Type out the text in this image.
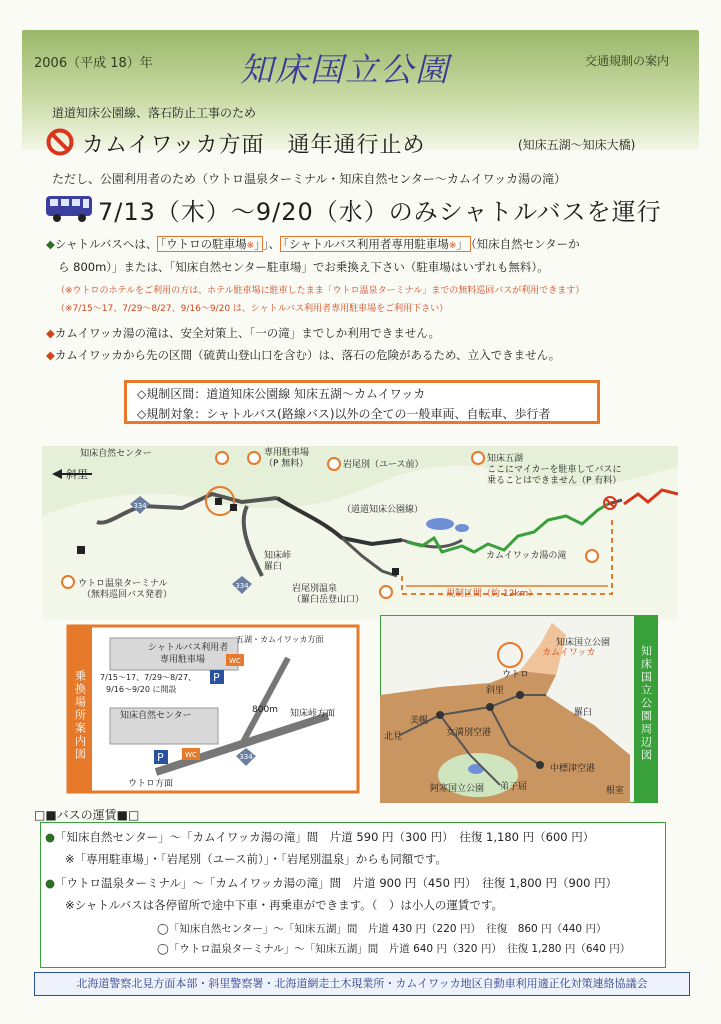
2006（平成 18）年	知床国立公園	交通規制の案内
道道知床公園線、落石防止工事のため
カムイワッカ方面　通年通行止め	(知床五湖～知床大橋)
ただし、公園利用者のため（ウトロ温泉ターミナル・知床自然センター～カムイワッカ湯の滝）
7/13（木）～9/20（水）のみシャトルバスを運行
◆シャトルバスへは、 「ウトロの駐車場※」 」、 「シャトルバス利用者専用駐車場※」 （知床自然センターか
ら 800m）」または、「知床自然センター駐車場」でお乗換え下さい（駐車場はいずれも無料）。
（※ウトロのホテルをご利用の方は、ホテル駐車場に駐車したまま「ウトロ温泉ターミナル」までの無料巡回バスが利用できます）
（※7/15～17、7/29～8/27、9/16～9/20 は、シャトルバス利用者専用駐車場をご利用下さい）
◆カムイワッカ湯の滝は、安全対策上、「一の滝」までしか利用できません。
◆カムイワッカから先の区間（硫黄山登山口を含む）は、落石の危険があるため、立入できません。
◇規制区間：道道知床公園線 知床五湖～カムイワッカ
◇規制対象：シャトルバス(路線バス)以外の全ての一般車両、自転車、歩行者
知床自然センター	専用駐車場
（P 無料）
斜里
岩尾別（ユース前）
知床五湖
ここにマイカーを駐車してバスに
乗ることはできません（P 有料）
（道道知床公園線）
知床峠
羅臼
ウトロ温泉ターミナル
（無料巡回バス発着）
岩尾別温泉
（羅臼岳登山口）
カムイワッカ湯の滝
規制区間（約 12km）
334
334
乗換場所案内図
シャトルバス利用者
専用駐車場
7/15～17、7/29～8/27、
9/16～9/20 に開設
五湖・カムイワッカ方面
WC
P
知床自然センター
WC
P
800m 知床峠方面
ウトロ方面
334	知床国立公園周辺図
知床国立公園
カムイワッカ
ウトロ
斜里
北見
美幌
女満別空港
阿寒国立公園 弟子屈
中標津空港
根室
羅臼
□■バスの運賃■□
●「知床自然センター」～「カムイワッカ湯の滝」間　 片道 590 円（300 円）　往復 1,180 円（600 円）
※「専用駐車場」・「岩尾別（ユース前）」・「岩尾別温泉」からも同額です。
●「ウトロ温泉ターミナル」～「カムイワッカ湯の滝」間　 片道 900 円（450 円）　往復 1,800 円（900 円）
※シャトルバスは各停留所で途中下車・再乗車ができます。（　）は小人の運賃です。
◯「知床自然センター」～「知床五湖」間　 片道 430 円（220 円）　往復　860 円（440 円）
◯「ウトロ温泉ターミナル」～「知床五湖」間　 片道 640 円（320 円）　往復 1,280 円（640 円）
北海道警察北見方面本部・斜里警察署・北海道網走土木現業所・カムイワッカ地区自動車利用適正化対策連絡協議会
